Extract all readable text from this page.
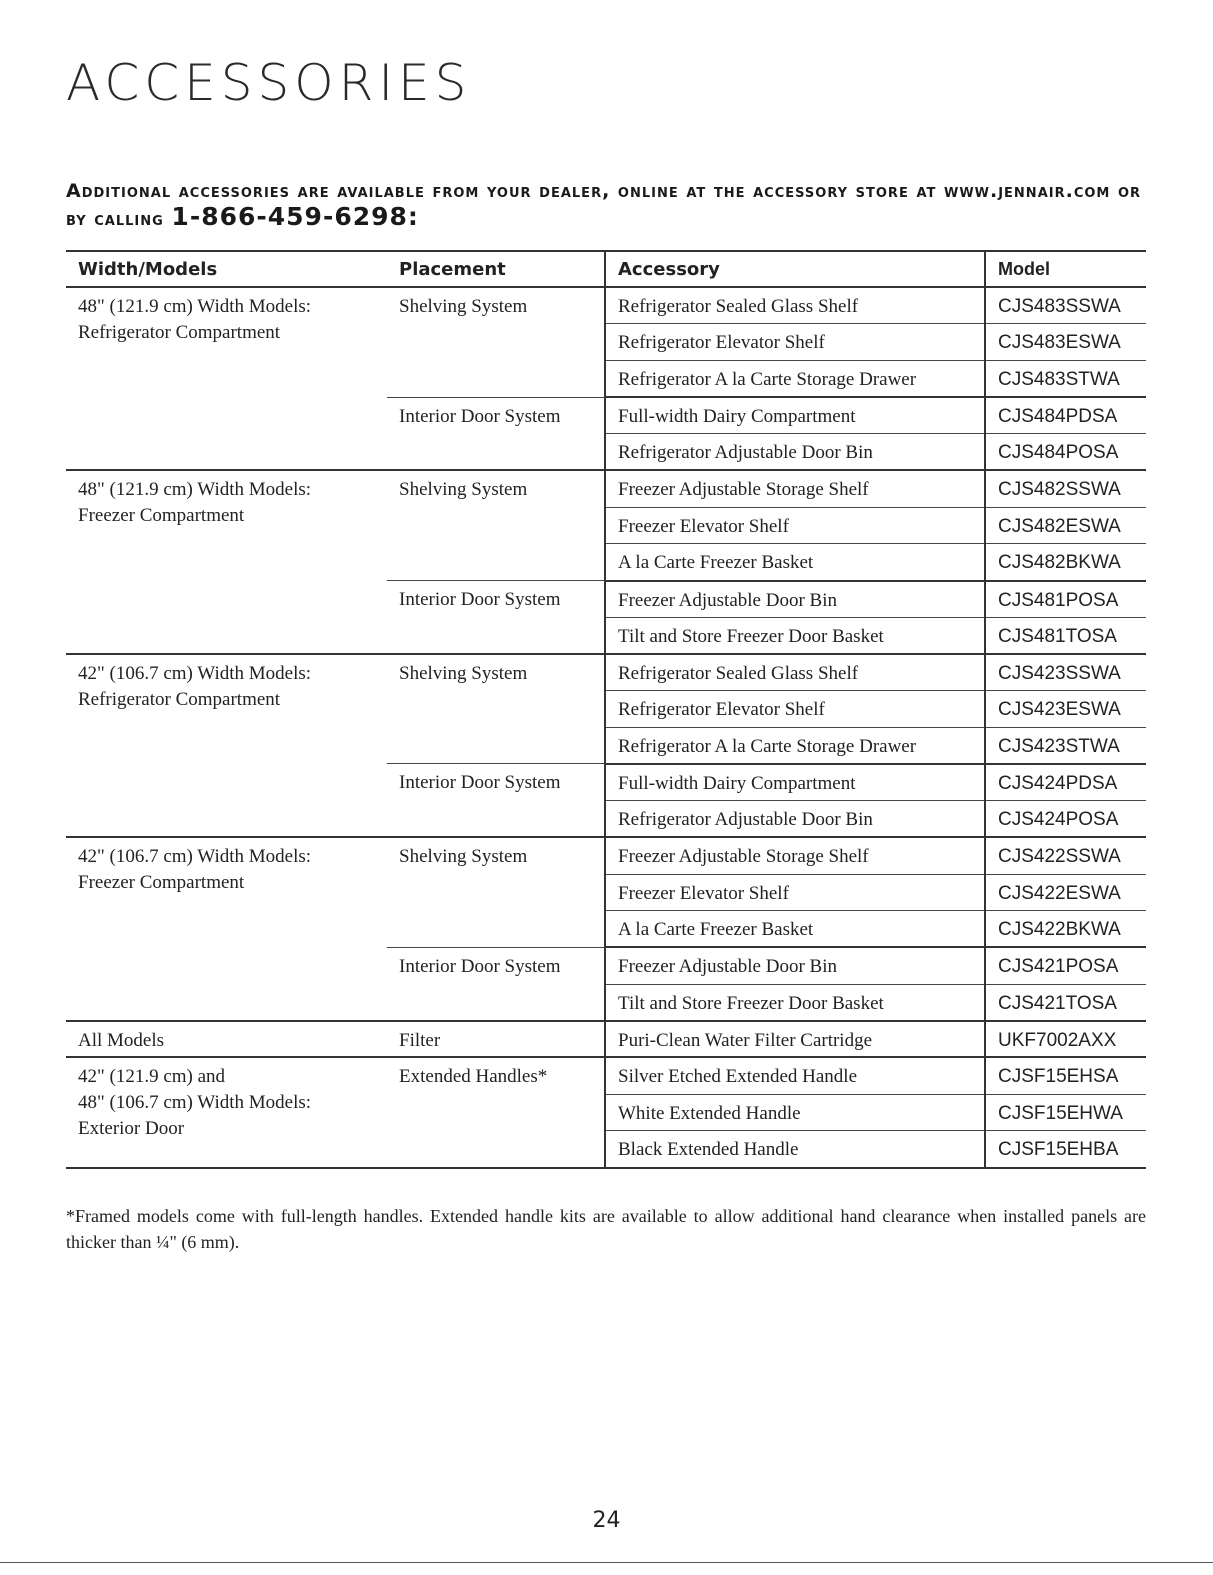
ACCESSORIES
Additional accessories are available from your dealer, online at the accessory store at www.jennair.com or by calling 1-866-459-6298:
Width/Models	Placement	Accessory	Model

48" (121.9 cm) Width Models:
Refrigerator Compartment	Shelving System	Refrigerator Sealed Glass Shelf	CJS483SSWA
		Refrigerator Elevator Shelf	CJS483ESWA
		Refrigerator A la Carte Storage Drawer	CJS483STWA
	Interior Door System	Full-width Dairy Compartment	CJS484PDSA
		Refrigerator Adjustable Door Bin	CJS484POSA

48" (121.9 cm) Width Models:
Freezer Compartment	Shelving System	Freezer Adjustable Storage Shelf	CJS482SSWA
		Freezer Elevator Shelf	CJS482ESWA
		A la Carte Freezer Basket	CJS482BKWA
	Interior Door System	Freezer Adjustable Door Bin	CJS481POSA
		Tilt and Store Freezer Door Basket	CJS481TOSA

42" (106.7 cm) Width Models:
Refrigerator Compartment	Shelving System	Refrigerator Sealed Glass Shelf	CJS423SSWA
		Refrigerator Elevator Shelf	CJS423ESWA
		Refrigerator A la Carte Storage Drawer	CJS423STWA
	Interior Door System	Full-width Dairy Compartment	CJS424PDSA
		Refrigerator Adjustable Door Bin	CJS424POSA

42" (106.7 cm) Width Models:
Freezer Compartment	Shelving System	Freezer Adjustable Storage Shelf	CJS422SSWA
		Freezer Elevator Shelf	CJS422ESWA
		A la Carte Freezer Basket	CJS422BKWA
	Interior Door System	Freezer Adjustable Door Bin	CJS421POSA
		Tilt and Store Freezer Door Basket	CJS421TOSA

All Models	Filter	Puri-Clean Water Filter Cartridge	UKF7002AXX

42" (121.9 cm) and
48" (106.7 cm) Width Models:
Exterior Door	Extended Handles*	Silver Etched Extended Handle	CJSF15EHSA
		White Extended Handle	CJSF15EHWA
		Black Extended Handle	CJSF15EHBA
*Framed models come with full-length handles. Extended handle kits are available to allow additional hand clearance when installed panels are thicker than ¼" (6 mm).
24
